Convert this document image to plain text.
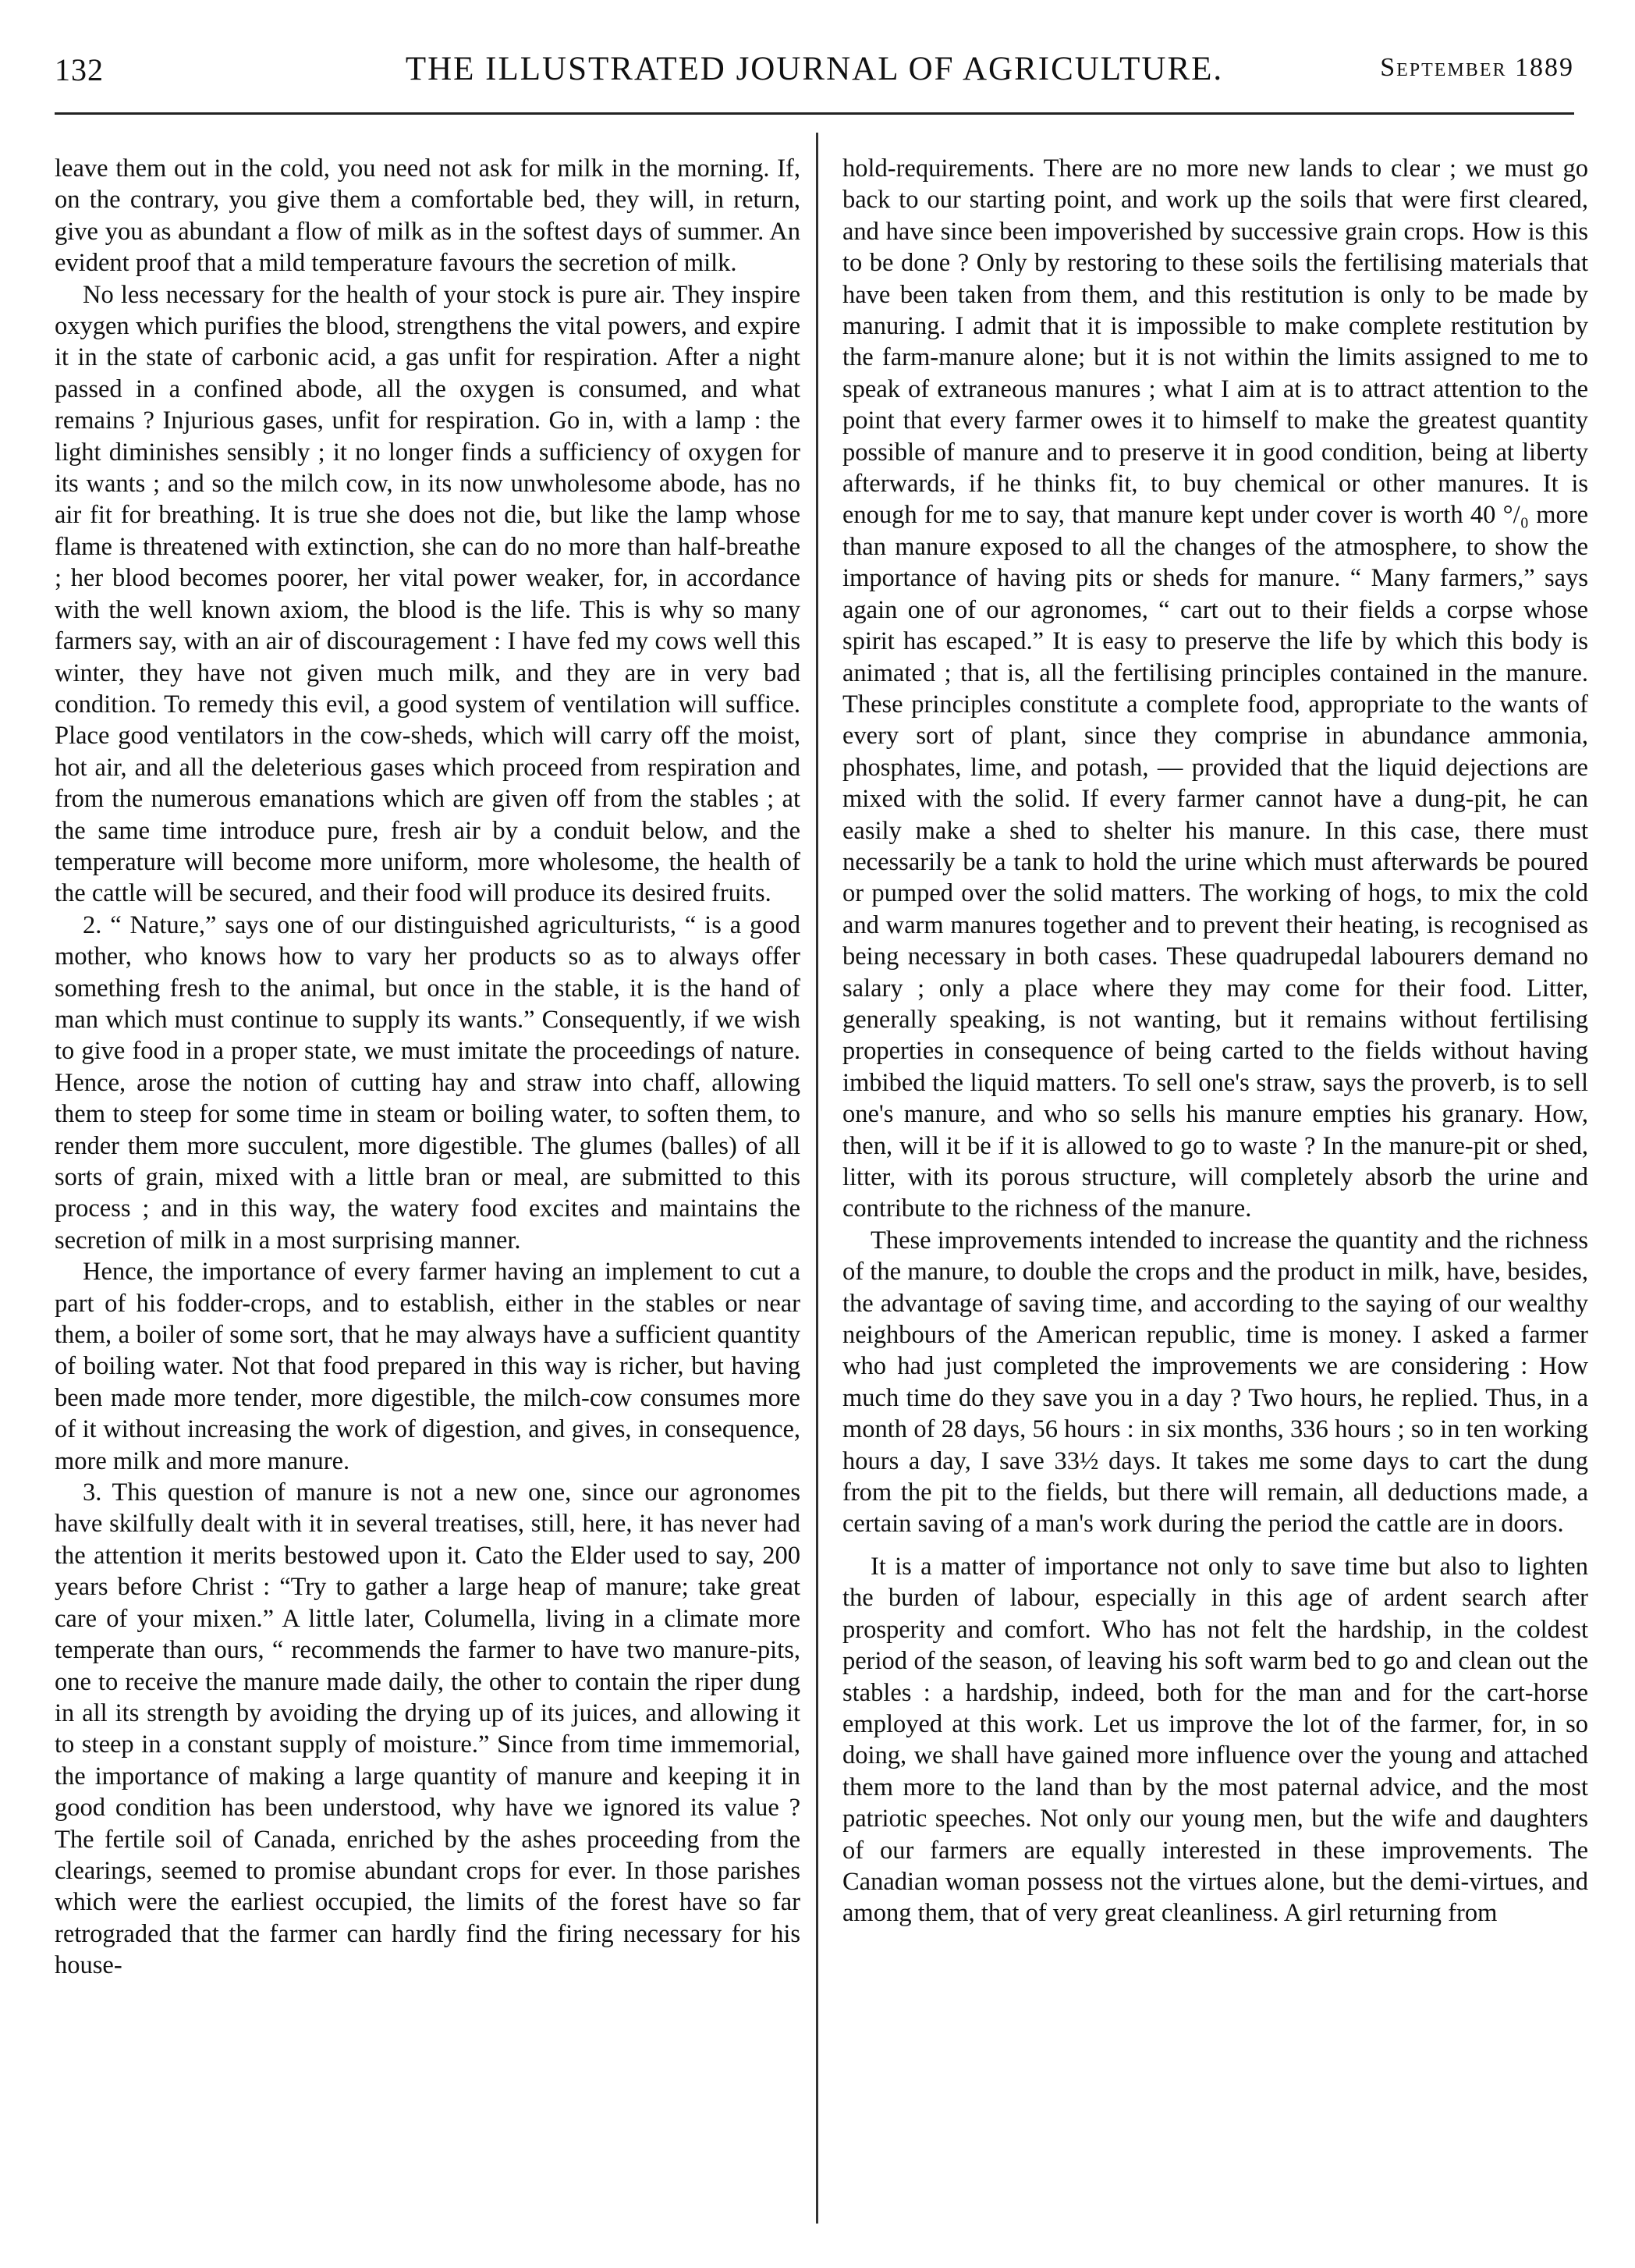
132	THE ILLUSTRATED JOURNAL OF AGRICULTURE.	September 1889

leave them out in the cold, you need not ask for milk in the morning. If, on the contrary, you give them a comfortable bed, they will, in return, give you as abundant a flow of milk as in the softest days of summer. An evident proof that a mild temperature favours the secretion of milk.

No less necessary for the health of your stock is pure air. They inspire oxygen which purifies the blood, strengthens the vital powers, and expire it in the state of carbonic acid, a gas unfit for respiration. After a night passed in a confined abode, all the oxygen is consumed, and what remains ? Injurious gases, unfit for respiration. Go in, with a lamp : the light diminishes sensibly ; it no longer finds a sufficiency of oxygen for its wants ; and so the milch cow, in its now unwholesome abode, has no air fit for breathing. It is true she does not die, but like the lamp whose flame is threatened with extinction, she can do no more than half-breathe ; her blood becomes poorer, her vital power weaker, for, in accordance with the well known axiom, the blood is the life. This is why so many farmers say, with an air of discouragement : I have fed my cows well this winter, they have not given much milk, and they are in very bad condition. To remedy this evil, a good system of ventilation will suffice. Place good ventilators in the cow-sheds, which will carry off the moist, hot air, and all the deleterious gases which proceed from respiration and from the numerous emanations which are given off from the stables ; at the same time introduce pure, fresh air by a conduit below, and the temperature will become more uniform, more wholesome, the health of the cattle will be secured, and their food will produce its desired fruits.

2. “ Nature,” says one of our distinguished agriculturists, “ is a good mother, who knows how to vary her products so as to always offer something fresh to the animal, but once in the stable, it is the hand of man which must continue to supply its wants.” Consequently, if we wish to give food in a proper state, we must imitate the proceedings of nature. Hence, arose the notion of cutting hay and straw into chaff, allowing them to steep for some time in steam or boiling water, to soften them, to render them more succulent, more digestible. The glumes (balles) of all sorts of grain, mixed with a little bran or meal, are submitted to this process ; and in this way, the watery food excites and maintains the secretion of milk in a most surprising manner.

Hence, the importance of every farmer having an implement to cut a part of his fodder-crops, and to establish, either in the stables or near them, a boiler of some sort, that he may always have a sufficient quantity of boiling water. Not that food prepared in this way is richer, but having been made more tender, more digestible, the milch-cow consumes more of it without increasing the work of digestion, and gives, in consequence, more milk and more manure.

3. This question of manure is not a new one, since our agronomes have skilfully dealt with it in several treatises, still, here, it has never had the attention it merits bestowed upon it. Cato the Elder used to say, 200 years before Christ : “Try to gather a large heap of manure; take great care of your mixen.” A little later, Columella, living in a climate more temperate than ours, “ recommends the farmer to have two manure-pits, one to receive the manure made daily, the other to contain the riper dung in all its strength by avoiding the drying up of its juices, and allowing it to steep in a constant supply of moisture.” Since from time immemorial, the importance of making a large quantity of manure and keeping it in good condition has been understood, why have we ignored its value ? The fertile soil of Canada, enriched by the ashes proceeding from the clearings, seemed to promise abundant crops for ever. In those parishes which were the earliest occupied, the limits of the forest have so far retrograded that the farmer can hardly find the firing necessary for his house-

hold-requirements. There are no more new lands to clear ; we must go back to our starting point, and work up the soils that were first cleared, and have since been impoverished by successive grain crops. How is this to be done ? Only by restoring to these soils the fertilising materials that have been taken from them, and this restitution is only to be made by manuring. I admit that it is impossible to make complete restitution by the farm-manure alone; but it is not within the limits assigned to me to speak of extraneous manures ; what I aim at is to attract attention to the point that every farmer owes it to himself to make the greatest quantity possible of manure and to preserve it in good condition, being at liberty afterwards, if he thinks fit, to buy chemical or other manures. It is enough for me to say, that manure kept under cover is worth 40 °/₀ more than manure exposed to all the changes of the atmosphere, to show the importance of having pits or sheds for manure. “ Many farmers,” says again one of our agronomes, “ cart out to their fields a corpse whose spirit has escaped.” It is easy to preserve the life by which this body is animated ; that is, all the fertilising principles contained in the manure. These principles constitute a complete food, appropriate to the wants of every sort of plant, since they comprise in abundance ammonia, phosphates, lime, and potash, — provided that the liquid dejections are mixed with the solid. If every farmer cannot have a dung-pit, he can easily make a shed to shelter his manure. In this case, there must necessarily be a tank to hold the urine which must afterwards be poured or pumped over the solid matters. The working of hogs, to mix the cold and warm manures together and to prevent their heating, is recognised as being necessary in both cases. These quadrupedal labourers demand no salary ; only a place where they may come for their food. Litter, generally speaking, is not wanting, but it remains without fertilising properties in consequence of being carted to the fields without having imbibed the liquid matters. To sell one's straw, says the proverb, is to sell one's manure, and who so sells his manure empties his granary. How, then, will it be if it is allowed to go to waste ? In the manure-pit or shed, litter, with its porous structure, will completely absorb the urine and contribute to the richness of the manure.

These improvements intended to increase the quantity and the richness of the manure, to double the crops and the product in milk, have, besides, the advantage of saving time, and according to the saying of our wealthy neighbours of the American republic, time is money. I asked a farmer who had just completed the improvements we are considering : How much time do they save you in a day ? Two hours, he replied. Thus, in a month of 28 days, 56 hours : in six months, 336 hours ; so in ten working hours a day, I save 33½ days. It takes me some days to cart the dung from the pit to the fields, but there will remain, all deductions made, a certain saving of a man's work during the period the cattle are in doors.

It is a matter of importance not only to save time but also to lighten the burden of labour, especially in this age of ardent search after prosperity and comfort. Who has not felt the hardship, in the coldest period of the season, of leaving his soft warm bed to go and clean out the stables : a hardship, indeed, both for the man and for the cart-horse employed at this work. Let us improve the lot of the farmer, for, in so doing, we shall have gained more influence over the young and attached them more to the land than by the most paternal advice, and the most patriotic speeches. Not only our young men, but the wife and daughters of our farmers are equally interested in these improvements. The Canadian woman possess not the virtues alone, but the demi-virtues, and among them, that of very great cleanliness. A girl returning from
